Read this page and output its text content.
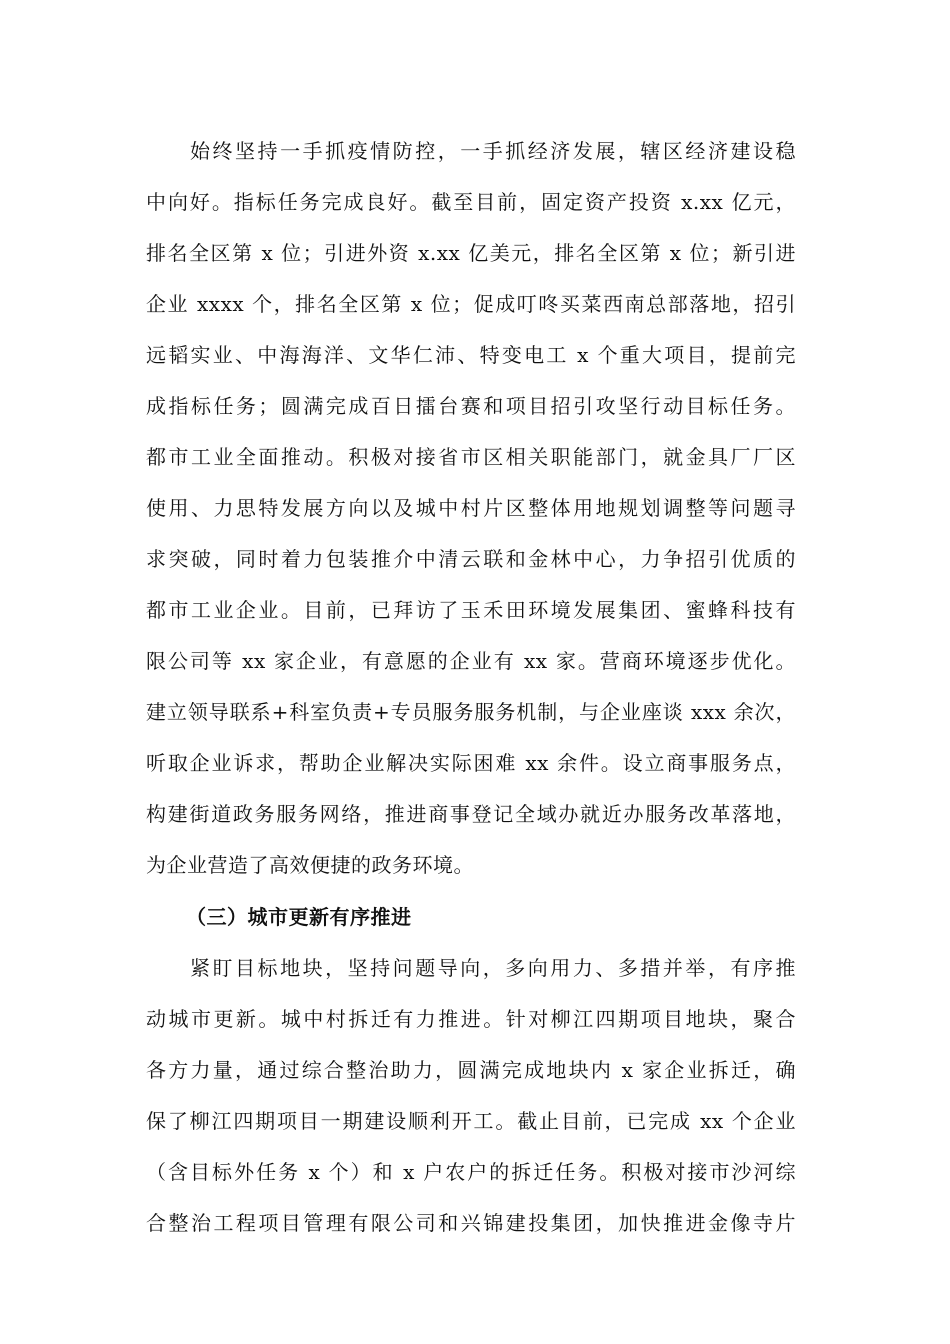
始终坚持一手抓疫情防控，一手抓经济发展，辖区经济建设稳
中向好。指标任务完成良好。截至目前，固定资产投资 x.xx 亿元，
排名全区第 x 位；引进外资 x.xx 亿美元，排名全区第 x 位；新引进
企业 xxxx 个，排名全区第 x 位；促成叮咚买菜西南总部落地，招引
远韬实业、中海海洋、文华仁沛、特变电工 x 个重大项目，提前完
成指标任务；圆满完成百日擂台赛和项目招引攻坚行动目标任务。
都市工业全面推动。积极对接省市区相关职能部门，就金具厂厂区
使用、力思特发展方向以及城中村片区整体用地规划调整等问题寻
求突破，同时着力包装推介中清云联和金林中心，力争招引优质的
都市工业企业。目前，已拜访了玉禾田环境发展集团、蜜蜂科技有
限公司等 xx 家企业，有意愿的企业有 xx 家。营商环境逐步优化。
建立领导联系+科室负责+专员服务服务机制，与企业座谈 xxx 余次，
听取企业诉求，帮助企业解决实际困难 xx 余件。设立商事服务点，
构建街道政务服务网络，推进商事登记全域办就近办服务改革落地，
为企业营造了高效便捷的政务环境。
（三）城市更新有序推进
紧盯目标地块，坚持问题导向，多向用力、多措并举，有序推
动城市更新。城中村拆迁有力推进。针对柳江四期项目地块，聚合
各方力量，通过综合整治助力，圆满完成地块内 x 家企业拆迁，确
保了柳江四期项目一期建设顺利开工。截止目前，已完成 xx 个企业
（含目标外任务 x 个）和 x 户农户的拆迁任务。积极对接市沙河综
合整治工程项目管理有限公司和兴锦建投集团，加快推进金像寺片
